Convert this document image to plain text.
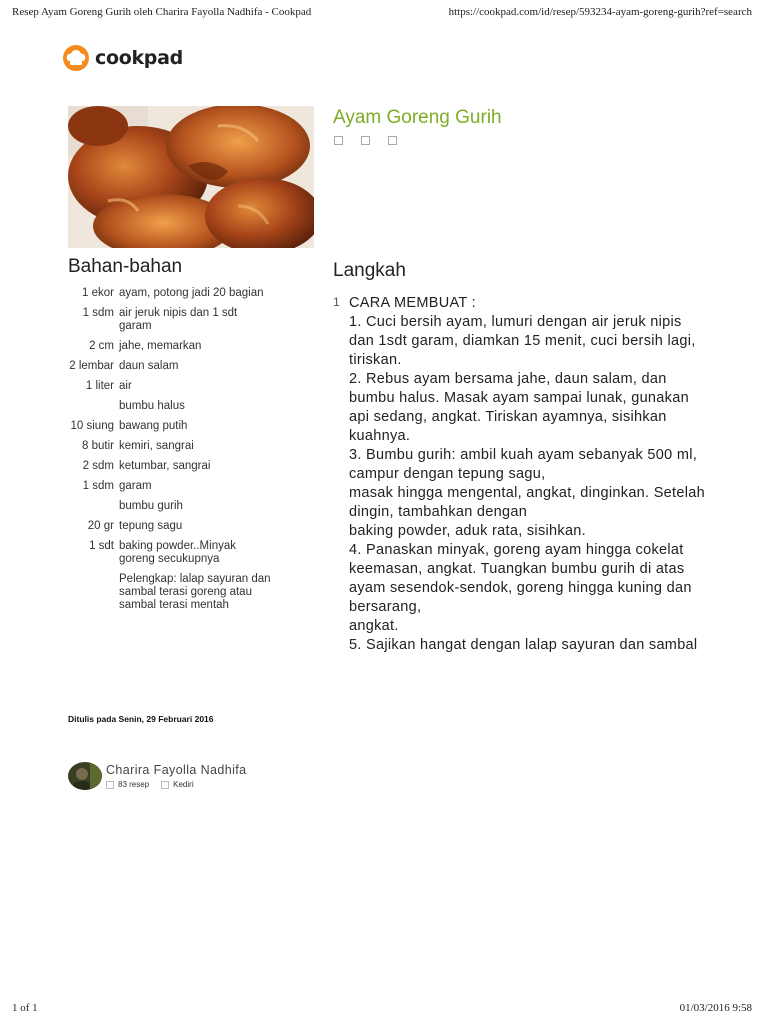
Resep Ayam Goreng Gurih oleh Charira Fayolla Nadhifa - Cookpad	https://cookpad.com/id/resep/593234-ayam-goreng-gurih?ref=search
cookpad
Ayam Goreng Gurih
Bahan-bahan
1 ekor ayam, potong jadi 20 bagian
1 sdm air jeruk nipis dan 1 sdt garam
2 cm jahe, memarkan
2 lembar daun salam
1 liter air
bumbu halus
10 siung bawang putih
8 butir kemiri, sangrai
2 sdm ketumbar, sangrai
1 sdm garam
bumbu gurih
20 gr tepung sagu
1 sdt baking powder..Minyak goreng secukupnya
Pelengkap: lalap sayuran dan sambal terasi goreng atau sambal terasi mentah
Ditulis pada Senin, 29 Februari 2016
Charira Fayolla Nadhifa
83 resep	Kediri
Langkah
1 CARA MEMBUAT :
1. Cuci bersih ayam, lumuri dengan air jeruk nipis dan 1sdt garam, diamkan 15 menit, cuci bersih lagi, tiriskan.
2. Rebus ayam bersama jahe, daun salam, dan bumbu halus. Masak ayam sampai lunak, gunakan api sedang, angkat. Tiriskan ayamnya, sisihkan kuahnya.
3. Bumbu gurih: ambil kuah ayam sebanyak 500 ml, campur dengan tepung sagu,
masak hingga mengental, angkat, dinginkan. Setelah dingin, tambahkan dengan
baking powder, aduk rata, sisihkan.
4. Panaskan minyak, goreng ayam hingga cokelat keemasan, angkat. Tuangkan bumbu gurih di atas ayam sesendok-sendok, goreng hingga kuning dan bersarang,
angkat.
5. Sajikan hangat dengan lalap sayuran dan sambal
1 of 1	01/03/2016 9:58
